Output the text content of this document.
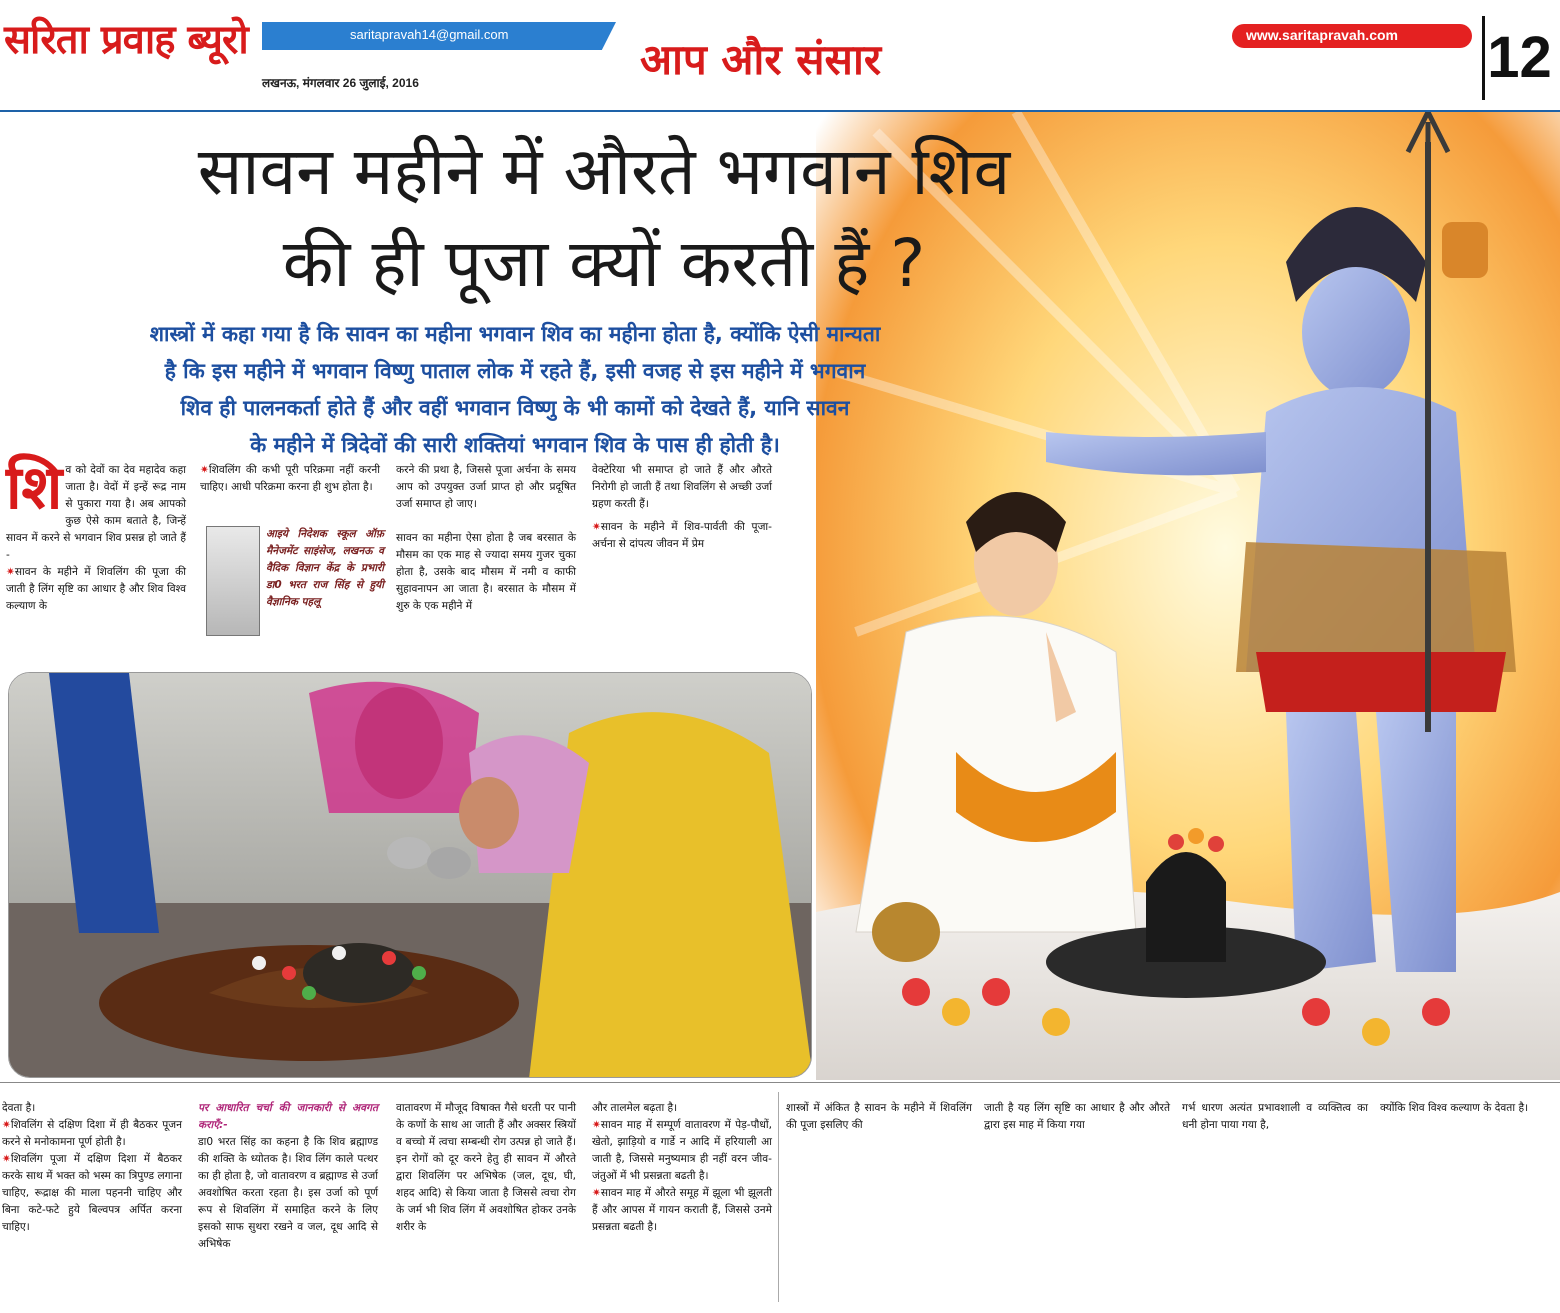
सरिता प्रवाह ब्यूरो	saritapravah14@gmail.com
लखनऊ, मंगलवार 26 जुलाई, 2016	आप और संसार	www.saritapravah.com 12
सावन महीने में औरते भगवान शिव
की ही पूजा क्यों करती हैं ?
शास्त्रों में कहा गया है कि सावन का महीना भगवान शिव का महीना होता है, क्योंकि ऐसी मान्यता
है कि इस महीने में भगवान विष्णु पाताल लोक में रहते हैं, इसी वजह से इस महीने में भगवान
शिव ही पालनकर्ता होते हैं और वहीं भगवान विष्णु के भी कामों को देखते हैं, यानि सावन
के महीने में त्रिदेवों की सारी शक्तियां भगवान शिव के पास ही होती है।
शि व को देवों का देव महादेव कहा जाता है। वेदों में इन्हें रूद्र नाम से पुकारा गया है। अब आपको कुछ ऐसे काम बताते है, जिन्हें सावन में करने से भगवान शिव प्रसन्न हो जाते हैं -
✷सावन के महीने में शिवलिंग की पूजा की जाती है लिंग सृष्टि का आधार है और शिव विश्व कल्याण के
✷शिवलिंग की कभी पूरी परिक्रमा नहीं करनी चाहिए। आधी परिक्रमा करना ही शुभ होता है।
आइये निदेशक स्कूल ऑफ़ मैनेजमेंट साइंसेज, लखनऊ व वैदिक विज्ञान केंद्र के प्रभारी डा0 भरत राज सिंह से हुयी वैज्ञानिक पहलू
करने की प्रथा है, जिससे पूजा अर्चना के समय आप को उपयुक्त उर्जा प्राप्त हो और प्रदूषित उर्जा समाप्त हो जाए।
सावन का महीना ऐसा होता है जब बरसात के मौसम का एक माह से ज्यादा समय गुजर चुका होता है, उसके बाद मौसम में नमी व काफी सुहावनापन आ जाता है। बरसात के मौसम में शुरु के एक महीने में
वेक्टेरिया भी समाप्त हो जाते हैं और औरते निरोगी हो जाती हैं तथा शिवलिंग से अच्छी उर्जा ग्रहण करती हैं।
✷सावन के महीने में शिव-पार्वती की पूजा-अर्चना से दांपत्य जीवन में प्रेम
देवता है।
✷शिवलिंग से दक्षिण दिशा में ही बैठकर पूजन करने से मनोकामना पूर्ण होती है।
✷शिवलिंग पूजा में दक्षिण दिशा में बैठकर करके साथ में भक्त को भस्म का त्रिपुण्ड लगाना चाहिए, रूद्राक्ष की माला पहननी चाहिए और बिना कटे-फटे हुये बिल्वपत्र अर्पित करना चाहिए।
पर आधारित चर्चा की जानकारी से अवगत कराएँ:-
डा0 भरत सिंह का कहना है कि शिव ब्रह्माण्ड की शक्ति के ध्योतक है। शिव लिंग काले पत्थर का ही होता है, जो वातावरण व ब्रह्माण्ड से उर्जा अवशोषित करता रहता है। इस उर्जा को पूर्ण रूप से शिवलिंग में समाहित करने के लिए इसको साफ सुथरा रखने व जल, दूध आदि से अभिषेक
वातावरण में मौजूद विषाक्त गैसे धरती पर पानी के कणों के साथ आ जाती हैं और अक्सर स्त्रियों व बच्चो में त्वचा सम्बन्धी रोग उत्पन्न हो जाते हैं। इन रोगों को दूर करने हेतु ही सावन में औरते द्वारा शिवलिंग पर अभिषेक (जल, दूध, घी, शहद आदि) से किया जाता है जिससे त्वचा रोग के जर्म भी शिव लिंग में अवशोषित होकर उनके शरीर के
और तालमेल बढ़ता है।
✷सावन माह में सम्पूर्ण वातावरण में पेड़-पौधों, खेतो, झाड़ियो व गार्डे न आदि में हरियाली आ जाती है, जिससे मनुष्यमात्र ही नहीं वरन जीव-जंतुओं में भी प्रसन्नता बढती है।
✷सावन माह में औरते समूह में झूला भी झूलती हैं और आपस में गायन कराती हैं, जिससे उनमे प्रसन्नता बढती है।
शास्त्रों में अंकित है सावन के महीने में शिवलिंग की पूजा इसलिए की
जाती है यह लिंग सृष्टि का आधार है और औरते द्वारा इस माह में किया गया
गर्भ धारण अत्यंत प्रभावशाली व व्यक्तित्व का धनी होना पाया गया है,
क्योंकि शिव विश्व कल्याण के देवता है।
